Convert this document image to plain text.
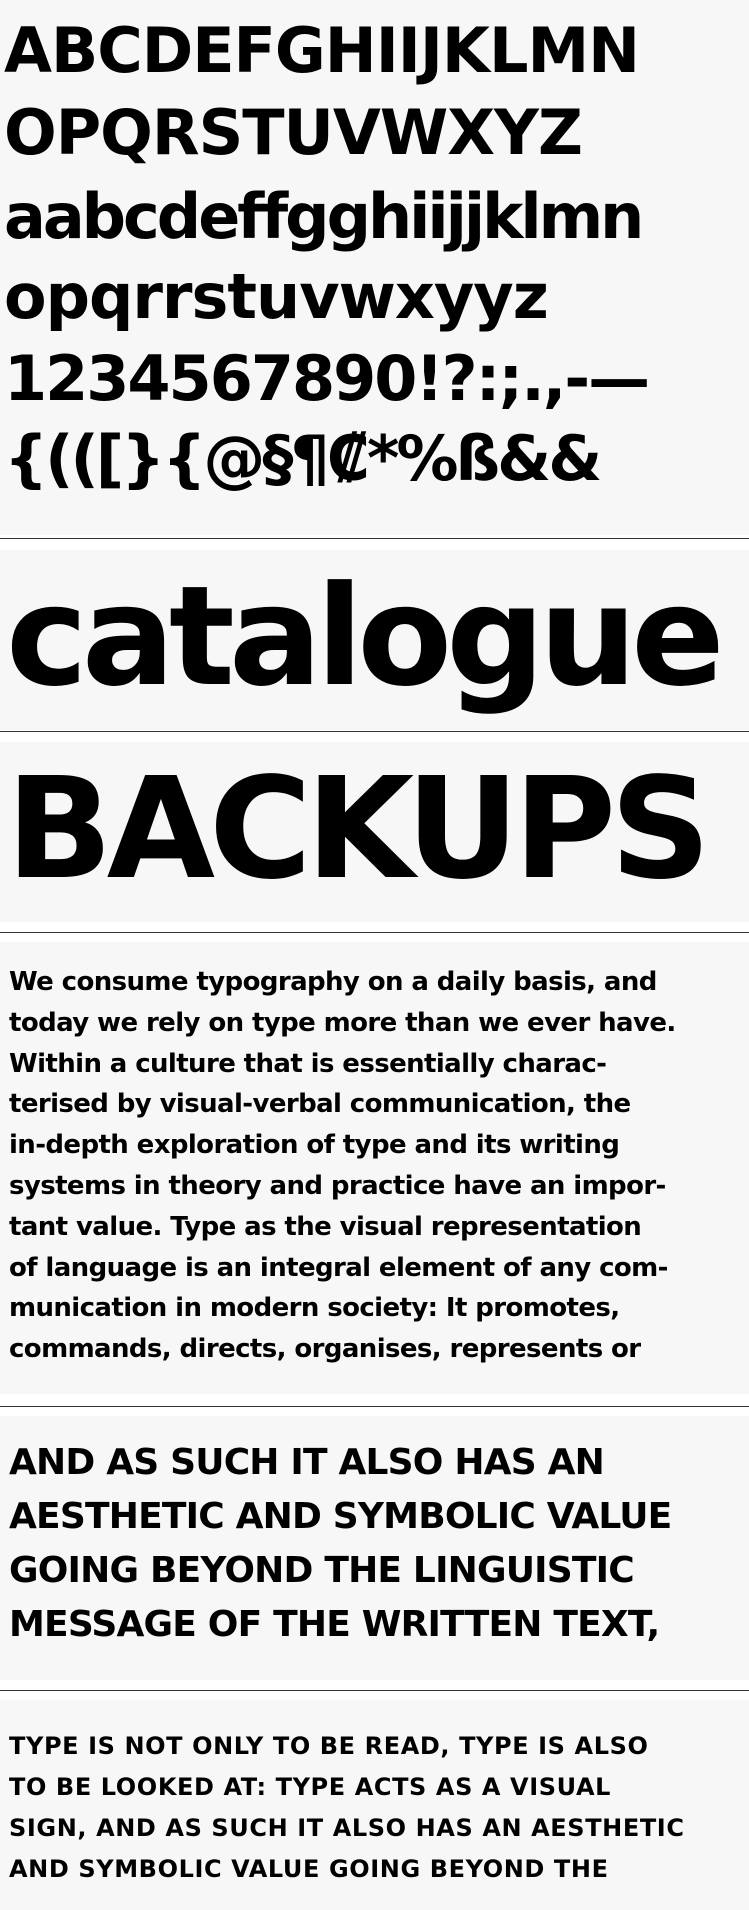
ABCDEFGHIIJKLMN
OPQRSTUVWXYZ
aabcdeffgghiijjklmn
opqrrstuvwxyyz
1234567890!?:;.,-—
{(([}{@§¶₡*%ß&&
catalogue
BACKUPS
We consume typography on a daily basis, and
today we rely on type more than we ever have.
Within a culture that is essentially charac-
terised by visual-verbal communication, the
in-depth exploration of type and its writing
systems in theory and practice have an impor-
tant value. Type as the visual representation
of language is an integral element of any com-
munication in modern society: It promotes,
commands, directs, organises, represents or
AND AS SUCH IT ALSO HAS AN
AESTHETIC AND SYMBOLIC VALUE
GOING BEYOND THE LINGUISTIC
MESSAGE OF THE WRITTEN TEXT,
TYPE IS NOT ONLY TO BE READ, TYPE IS ALSO
TO BE LOOKED AT: TYPE ACTS AS A VISUAL
SIGN, AND AS SUCH IT ALSO HAS AN AESTHETIC
AND SYMBOLIC VALUE GOING BEYOND THE
